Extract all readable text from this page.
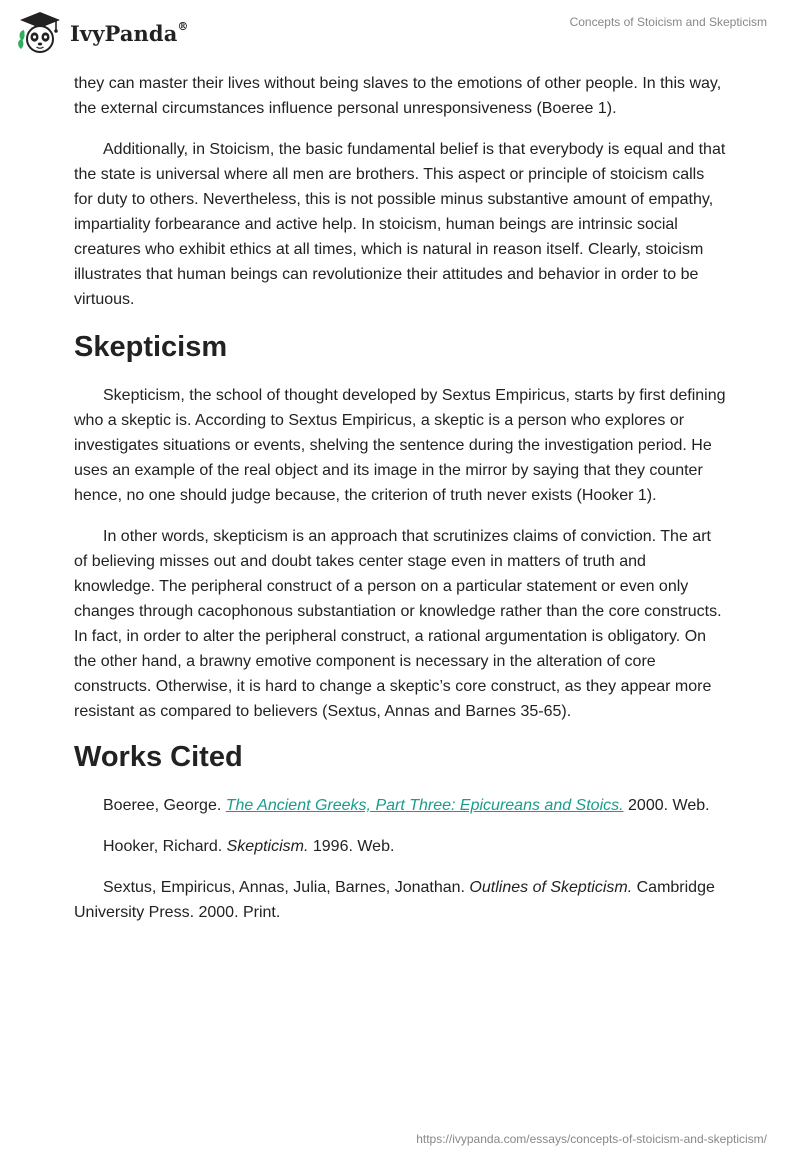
IvyPanda®	Concepts of Stoicism and Skepticism

they can master their lives without being slaves to the emotions of other people. In this way, the external circumstances influence personal unresponsiveness (Boeree 1).

Additionally, in Stoicism, the basic fundamental belief is that everybody is equal and that the state is universal where all men are brothers. This aspect or principle of stoicism calls for duty to others. Nevertheless, this is not possible minus substantive amount of empathy, impartiality forbearance and active help. In stoicism, human beings are intrinsic social creatures who exhibit ethics at all times, which is natural in reason itself. Clearly, stoicism illustrates that human beings can revolutionize their attitudes and behavior in order to be virtuous.

Skepticism

Skepticism, the school of thought developed by Sextus Empiricus, starts by first defining who a skeptic is. According to Sextus Empiricus, a skeptic is a person who explores or investigates situations or events, shelving the sentence during the investigation period. He uses an example of the real object and its image in the mirror by saying that they counter hence, no one should judge because, the criterion of truth never exists (Hooker 1).

In other words, skepticism is an approach that scrutinizes claims of conviction. The art of believing misses out and doubt takes center stage even in matters of truth and knowledge. The peripheral construct of a person on a particular statement or even only changes through cacophonous substantiation or knowledge rather than the core constructs. In fact, in order to alter the peripheral construct, a rational argumentation is obligatory. On the other hand, a brawny emotive component is necessary in the alteration of core constructs. Otherwise, it is hard to change a skeptic’s core construct, as they appear more resistant as compared to believers (Sextus, Annas and Barnes 35-65).

Works Cited

Boeree, George. The Ancient Greeks, Part Three: Epicureans and Stoics. 2000. Web.

Hooker, Richard. Skepticism. 1996. Web.

Sextus, Empiricus, Annas, Julia, Barnes, Jonathan. Outlines of Skepticism. Cambridge University Press. 2000. Print.

https://ivypanda.com/essays/concepts-of-stoicism-and-skepticism/
